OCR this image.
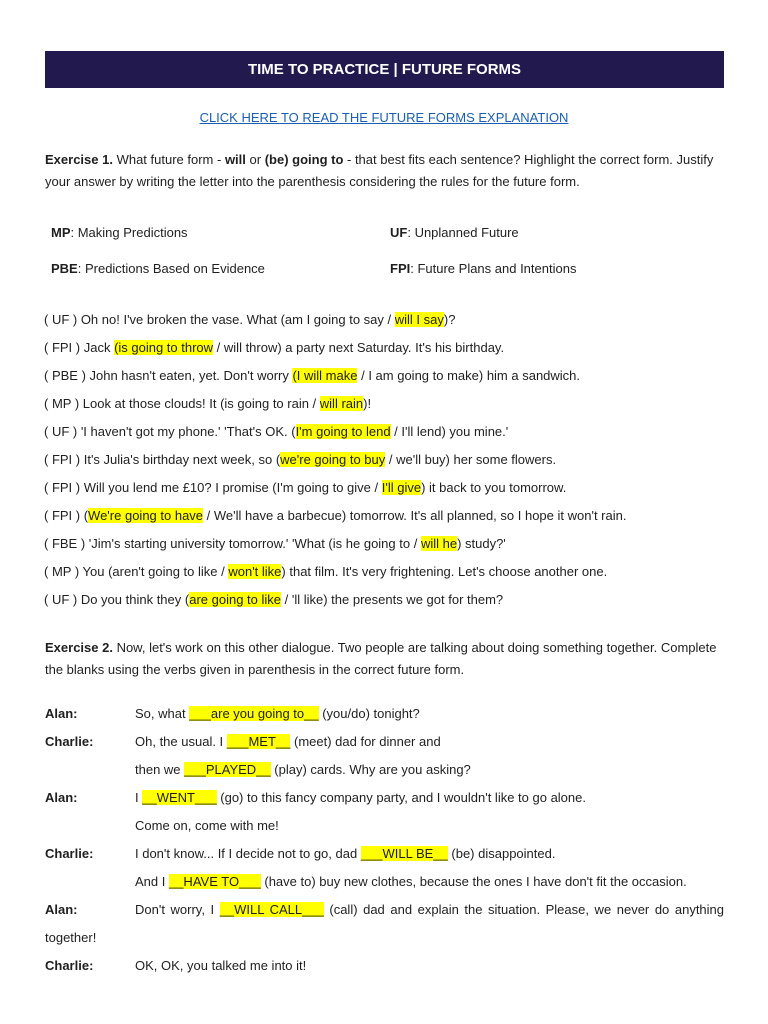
TIME TO PRACTICE | FUTURE FORMS
CLICK HERE TO READ THE FUTURE FORMS EXPLANATION
Exercise 1. What future form - will or (be) going to - that best fits each sentence? Highlight the correct form. Justify your answer by writing the letter into the parenthesis considering the rules for the future form.
MP: Making Predictions	UF: Unplanned Future
PBE: Predictions Based on Evidence	FPI: Future Plans and Intentions
( UF ) Oh no! I've broken the vase. What (am I going to say / will I say)?
( FPI ) Jack (is going to throw / will throw) a party next Saturday. It's his birthday.
( PBE ) John hasn't eaten, yet. Don't worry (I will make / I am going to make) him a sandwich.
( MP ) Look at those clouds! It (is going to rain / will rain)!
( UF ) 'I haven't got my phone.' 'That's OK. (I'm going to lend / I'll lend) you mine.'
( FPI ) It's Julia's birthday next week, so (we're going to buy / we'll buy) her some flowers.
( FPI ) Will you lend me £10? I promise (I'm going to give / I'll give) it back to you tomorrow.
( FPI ) (We're going to have / We'll have a barbecue) tomorrow. It's all planned, so I hope it won't rain.
( FBE ) 'Jim's starting university tomorrow.' 'What (is he going to / will he) study?'
( MP ) You (aren't going to like / won't like) that film. It's very frightening. Let's choose another one.
( UF ) Do you think they (are going to like / 'll like) the presents we got for them?
Exercise 2. Now, let's work on this other dialogue. Two people are talking about doing something together. Complete the blanks using the verbs given in parenthesis in the correct future form.
Alan:	So, what ___are you going to__ (you/do) tonight?
Charlie:	Oh, the usual. I ___MET__ (meet) dad for dinner and
then we ___PLAYED__ (play) cards. Why are you asking?
Alan:	I __WENT___ (go) to this fancy company party, and I wouldn't like to go alone.
Come on, come with me!
Charlie:	I don't know... If I decide not to go, dad ___WILL BE__ (be) disappointed.
And I __HAVE TO___ (have to) buy new clothes, because the ones I have don't fit the occasion.
Alan:	Don't worry, I __WILL CALL___ (call) dad and explain the situation. Please, we never do anything
together!
Charlie:	OK, OK, you talked me into it!
